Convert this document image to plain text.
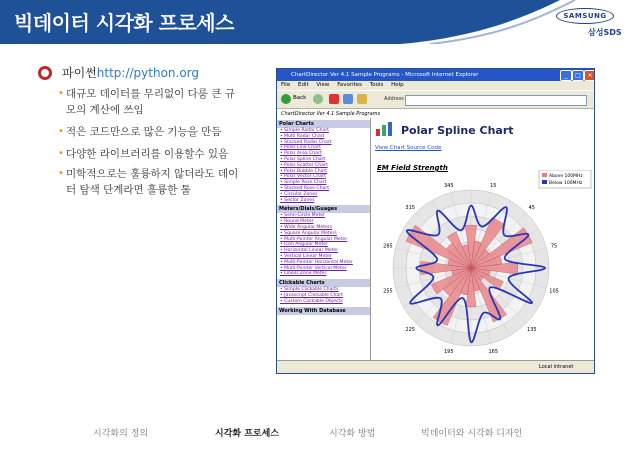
빅데이터 시각화 프로세스	SAMSUNG
삼성SDS
파이썬http://python.org
• 대규모 데이터를 무리없이 다룸 큰 규
모의 계산에 쓰임
• 적은 코드만으로 많은 기능을 만듬
• 다양한 라이브러리를 이용할수 있음
• 미학적으로는 훌륭하지 않더라도 데이
터 탐색 단계라면 훌륭한 툴
ChartDirector Ver 4.1 Sample Programs - Microsoft Internet Explorer	_	□	×
File Edit View Favorites Tools Help
Back	Address
ChartDirector Ver 4.1 Sample Programs
Polar Charts
• Simple Radar Chart
• Multi Radar Chart
• Stacked Radar Chart
• Polar Line Chart
• Polar Area Chart
• Polar Spline Chart
• Polar Scatter Chart
• Polar Bubble Chart
• Polar Vector Chart
• Simple Rose Chart
• Stacked Rose Chart
• Circular Zones
• Sector Zones
Meters/Dials/Guages
• Semi-Circle Meter
• Round Meter
• Wide Angular Meters
• Square Angular Meters
• Multi-Pointer Angular Meter
• Icon Angular Meter
• Horizontal Linear Meter
• Vertical Linear Meter
• Multi-Pointer Horizontal Meter
• Multi-Pointer Vertical Meter
• Linear Zone Meter
Clickable Charts
• Simple Clickable Charts
• Javascript Clickable Chart
• Custom Clickable Objects
Working With Database
Polar Spline Chart
View Chart Source Code
EM Field Strength
345	15
45
75
105
135
165
195
225
255
285
315
Above 100MHz
Below 100MHz
Local intranet
시각화의 정의	시각화 프로세스	시각화 방법	빅데이터와 시각화 디자인
